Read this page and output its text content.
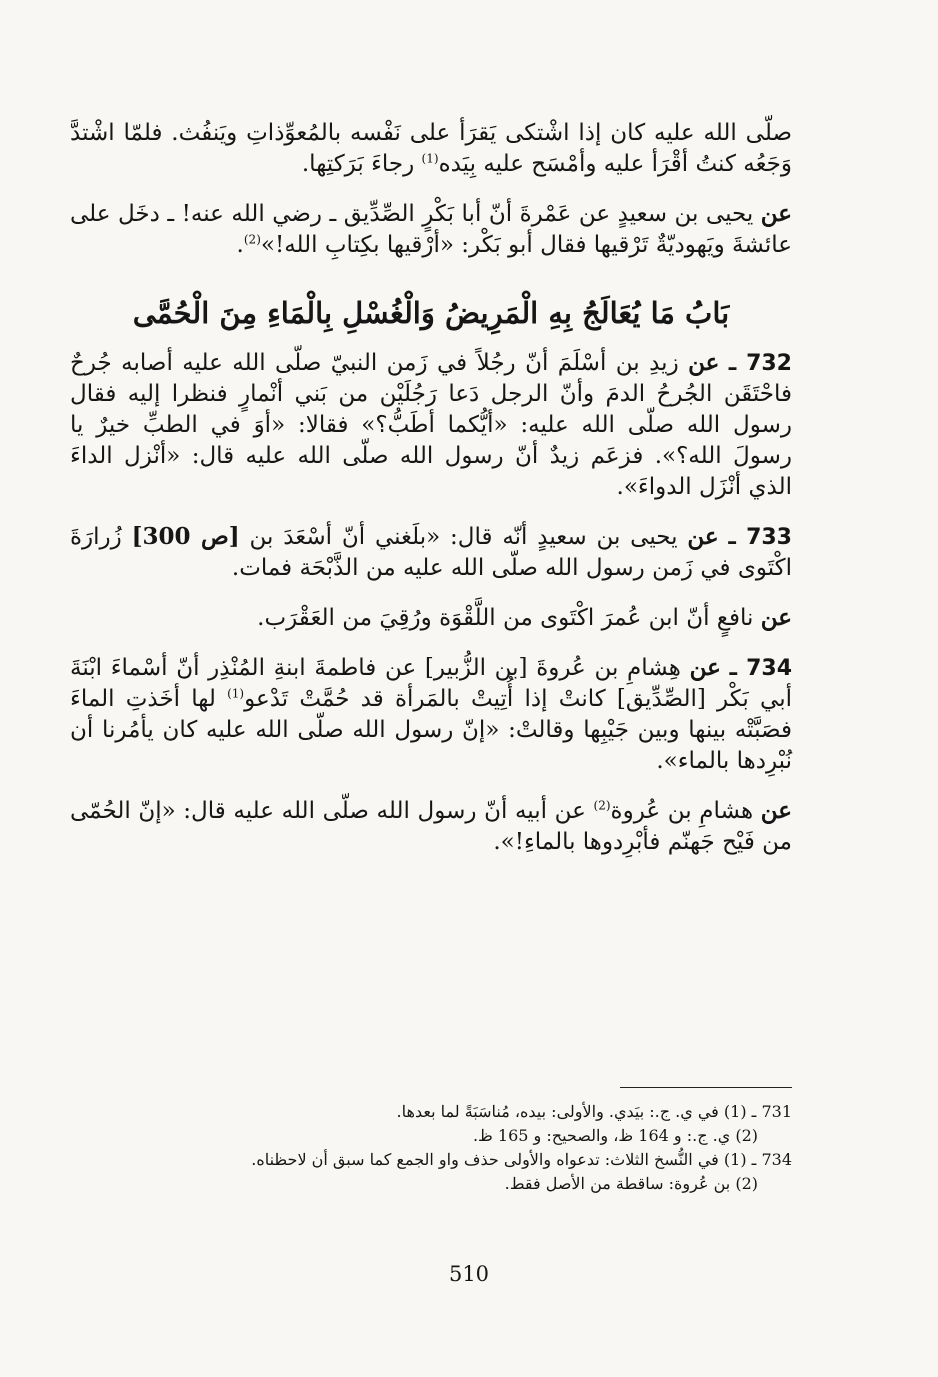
صلّى الله عليه كان إذا اشْتكى يَقرَأ على نَفْسه بالمُعوِّذاتِ ويَنفُث. فلمّا اشْتدَّ وَجَعُه كنتُ أقْرَأ عليه وأمْسَح عليه بِيَده$^{(1)}$ رجاءَ بَرَكتِها.

عن يحيى بن سعيدٍ عن عَمْرةَ أنّ أبا بَكْرٍ الصِّدِّيق ـ رضي الله عنه! ـ دخَل على عائشةَ ويَهوديّةٌ تَرْقيها فقال أبو بَكْر: «أرْقيها بكِتابِ الله!»$^{(2)}$.

بَابُ مَا يُعَالَجُ بِهِ الْمَرِيضُ وَالْغُسْلِ بِالْمَاءِ مِنَ الْحُمَّى

732 ـ عن زيدِ بن أسْلَمَ أنّ رجُلاً في زَمن النبيّ صلّى الله عليه أصابه جُرحٌ فاحْتَقَن الجُرحُ الدمَ وأنّ الرجل دَعا رَجُلَيْن من بَني أنْمارٍ فنظرا إليه فقال رسول الله صلّى الله عليه: «أيُّكما أطَبُّ؟» فقالا: «أوَ في الطبِّ خيرٌ يا رسولَ الله؟». فزعَم زيدٌ أنّ رسول الله صلّى الله عليه قال: «أنْزل الداءَ الذي أنْزَل الدواءَ».

733 ـ عن يحيى بن سعيدٍ أنّه قال: «بلَغني أنّ أسْعَدَ بن [ص 300] زُرارَةَ اكْتَوى في زَمن رسول الله صلّى الله عليه من الذَّبْحَة فمات.

عن نافعٍ أنّ ابن عُمرَ اكْتَوى من اللَّقْوَة ورُقِيَ من العَقْرَب.

734 ـ عن هِشامِ بن عُروةَ [بن الزُّبير] عن فاطمةَ ابنةِ المُنْذِر أنّ أسْماءَ ابْنَةَ أبي بَكْر [الصِّدِّيق] كانتْ إذا أُتِيتْ بالمَرأة قد حُمَّتْ تَدْعو$^{(1)}$ لها أخَذتِ الماءَ فصَبَّتْه بينها وبين جَيْبِها وقالتْ: «إنّ رسول الله صلّى الله عليه كان يأمُرنا أن نُبْرِدها بالماء».

عن هشامِ بن عُروة$^{(2)}$ عن أبيه أنّ رسول الله صلّى الله عليه قال: «إنّ الحُمّى من فَيْح جَهنّم فأبْرِدوها بالماءِ!».

731 ـ (1) في ي. ج.: بيَدي. والأولى: بيده، مُناسَبَةً لما بعدها.

(2) ي. ج.: و 164 ظ، والصحيح: و 165 ظ.

734 ـ (1) في النُّسخ الثلاث: تدعواه والأولى حذف واو الجمع كما سبق أن لاحظناه.

(2) بن عُروة: ساقطة من الأصل فقط.

510
